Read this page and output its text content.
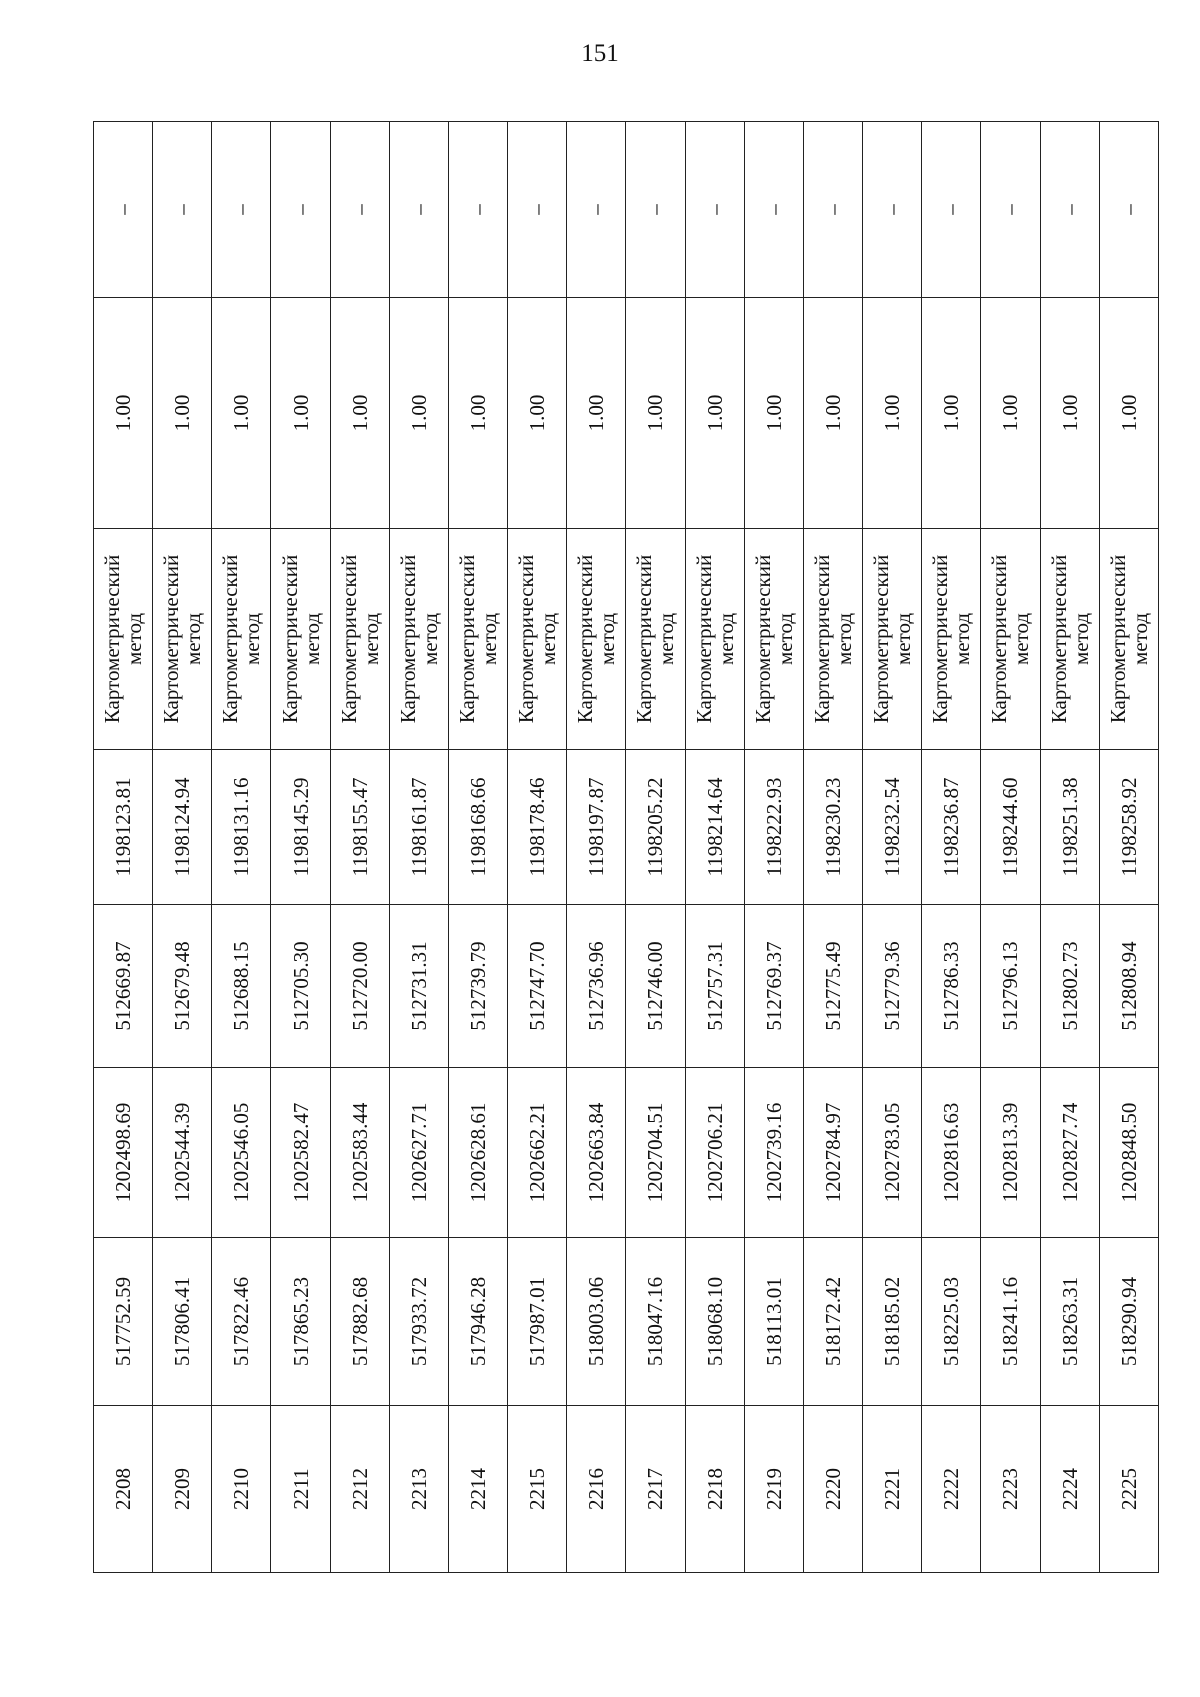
151
2208	517752.59	1202498.69	512669.87	1198123.81	Картометрический метод	1.00	–
2209	517806.41	1202544.39	512679.48	1198124.94	Картометрический метод	1.00	–
2210	517822.46	1202546.05	512688.15	1198131.16	Картометрический метод	1.00	–
2211	517865.23	1202582.47	512705.30	1198145.29	Картометрический метод	1.00	–
2212	517882.68	1202583.44	512720.00	1198155.47	Картометрический метод	1.00	–
2213	517933.72	1202627.71	512731.31	1198161.87	Картометрический метод	1.00	–
2214	517946.28	1202628.61	512739.79	1198168.66	Картометрический метод	1.00	–
2215	517987.01	1202662.21	512747.70	1198178.46	Картометрический метод	1.00	–
2216	518003.06	1202663.84	512736.96	1198197.87	Картометрический метод	1.00	–
2217	518047.16	1202704.51	512746.00	1198205.22	Картометрический метод	1.00	–
2218	518068.10	1202706.21	512757.31	1198214.64	Картометрический метод	1.00	–
2219	518113.01	1202739.16	512769.37	1198222.93	Картометрический метод	1.00	–
2220	518172.42	1202784.97	512775.49	1198230.23	Картометрический метод	1.00	–
2221	518185.02	1202783.05	512779.36	1198232.54	Картометрический метод	1.00	–
2222	518225.03	1202816.63	512786.33	1198236.87	Картометрический метод	1.00	–
2223	518241.16	1202813.39	512796.13	1198244.60	Картометрический метод	1.00	–
2224	518263.31	1202827.74	512802.73	1198251.38	Картометрический метод	1.00	–
2225	518290.94	1202848.50	512808.94	1198258.92	Картометрический метод	1.00	–
